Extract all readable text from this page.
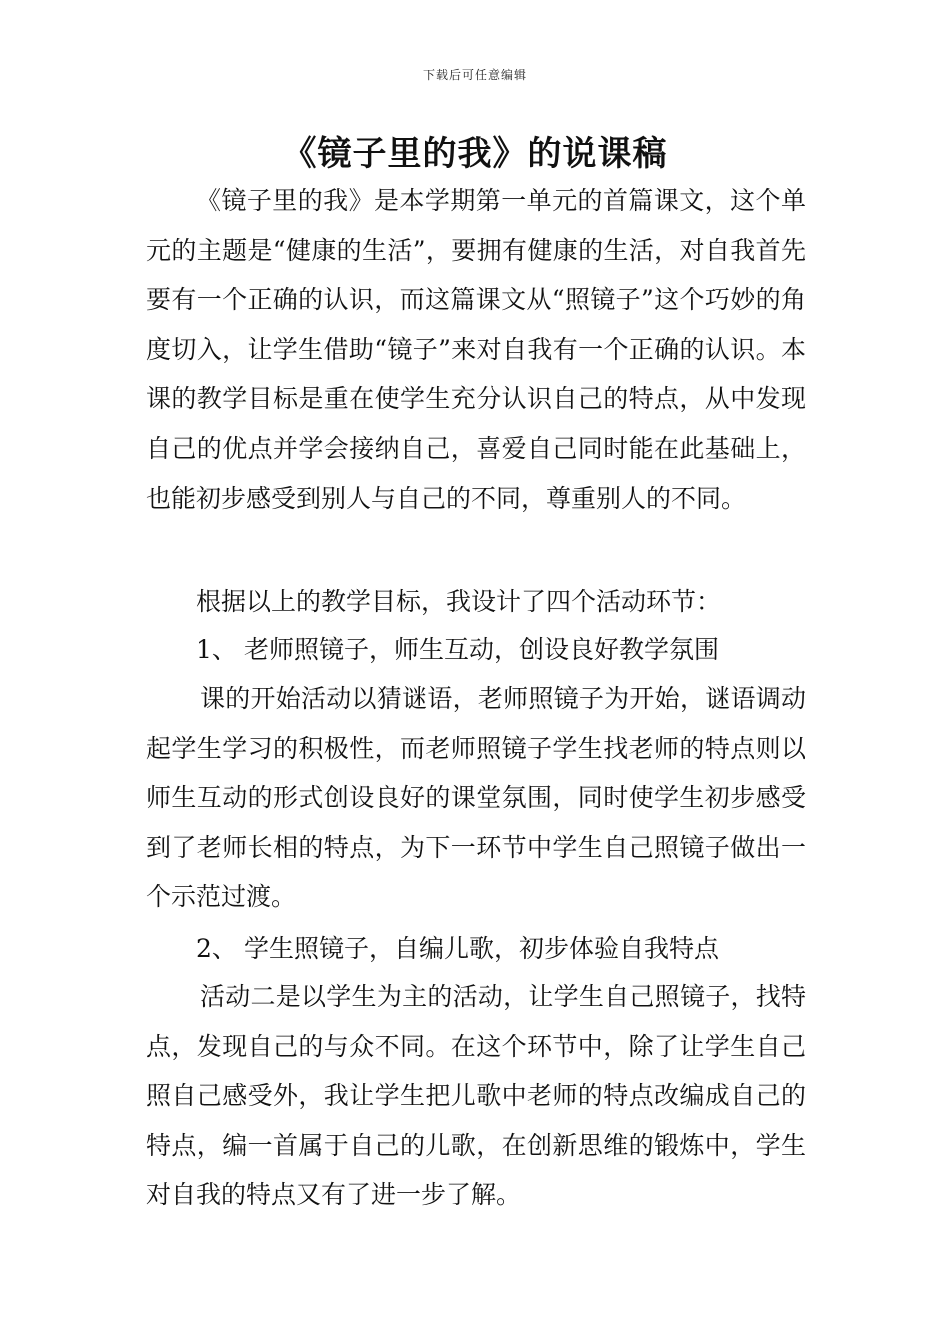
下载后可任意编辑
《镜子里的我》的说课稿
《镜子里的我》是本学期第一单元的首篇课文，这个单元的主题是“健康的生活”，要拥有健康的生活，对自我首先要有一个正确的认识，而这篇课文从“照镜子”这个巧妙的角度切入，让学生借助“镜子”来对自我有一个正确的认识。本课的教学目标是重在使学生充分认识自己的特点，从中发现自己的优点并学会接纳自己，喜爱自己同时能在此基础上，也能初步感受到别人与自己的不同，尊重别人的不同。
根据以上的教学目标，我设计了四个活动环节：
1、 老师照镜子，师生互动，创设良好教学氛围
课的开始活动以猜谜语，老师照镜子为开始，谜语调动起学生学习的积极性，而老师照镜子学生找老师的特点则以师生互动的形式创设良好的课堂氛围，同时使学生初步感受到了老师长相的特点，为下一环节中学生自己照镜子做出一个示范过渡。
2、 学生照镜子，自编儿歌，初步体验自我特点
活动二是以学生为主的活动，让学生自己照镜子，找特点，发现自己的与众不同。在这个环节中，除了让学生自己照自己感受外，我让学生把儿歌中老师的特点改编成自己的特点，编一首属于自己的儿歌，在创新思维的锻炼中，学生对自我的特点又有了进一步了解。
